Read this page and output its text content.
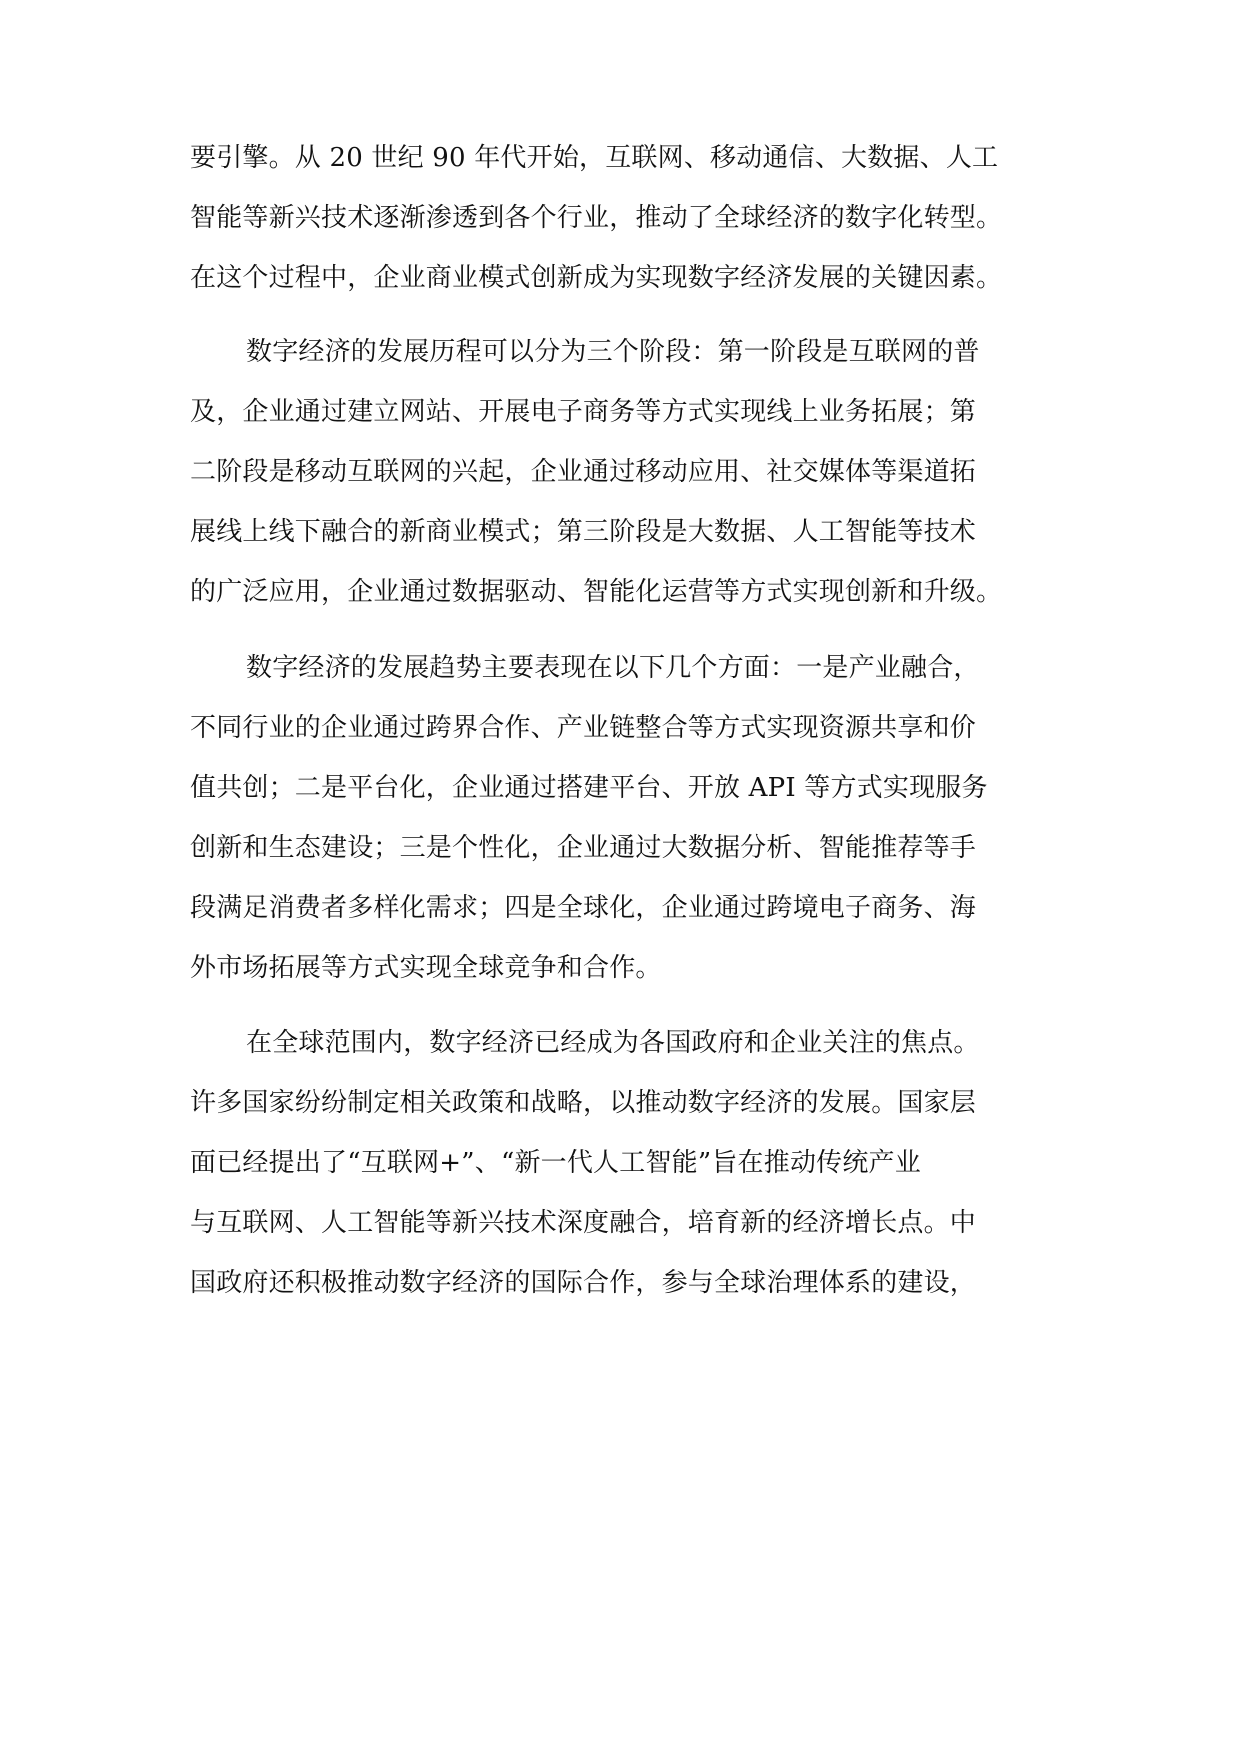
要引擎。从 20 世纪 90 年代开始，互联网、移动通信、大数据、人工
智能等新兴技术逐渐渗透到各个行业，推动了全球经济的数字化转型。
在这个过程中，企业商业模式创新成为实现数字经济发展的关键因素。
数字经济的发展历程可以分为三个阶段：第一阶段是互联网的普
及，企业通过建立网站、开展电子商务等方式实现线上业务拓展；第
二阶段是移动互联网的兴起，企业通过移动应用、社交媒体等渠道拓
展线上线下融合的新商业模式；第三阶段是大数据、人工智能等技术
的广泛应用，企业通过数据驱动、智能化运营等方式实现创新和升级。
数字经济的发展趋势主要表现在以下几个方面：一是产业融合，
不同行业的企业通过跨界合作、产业链整合等方式实现资源共享和价
值共创；二是平台化，企业通过搭建平台、开放 API 等方式实现服务
创新和生态建设；三是个性化，企业通过大数据分析、智能推荐等手
段满足消费者多样化需求；四是全球化，企业通过跨境电子商务、海
外市场拓展等方式实现全球竞争和合作。
在全球范围内，数字经济已经成为各国政府和企业关注的焦点。
许多国家纷纷制定相关政策和战略，以推动数字经济的发展。国家层
面已经提出了“互联网+”、“新一代人工智能”旨在推动传统产业
与互联网、人工智能等新兴技术深度融合，培育新的经济增长点。中
国政府还积极推动数字经济的国际合作，参与全球治理体系的建设，
